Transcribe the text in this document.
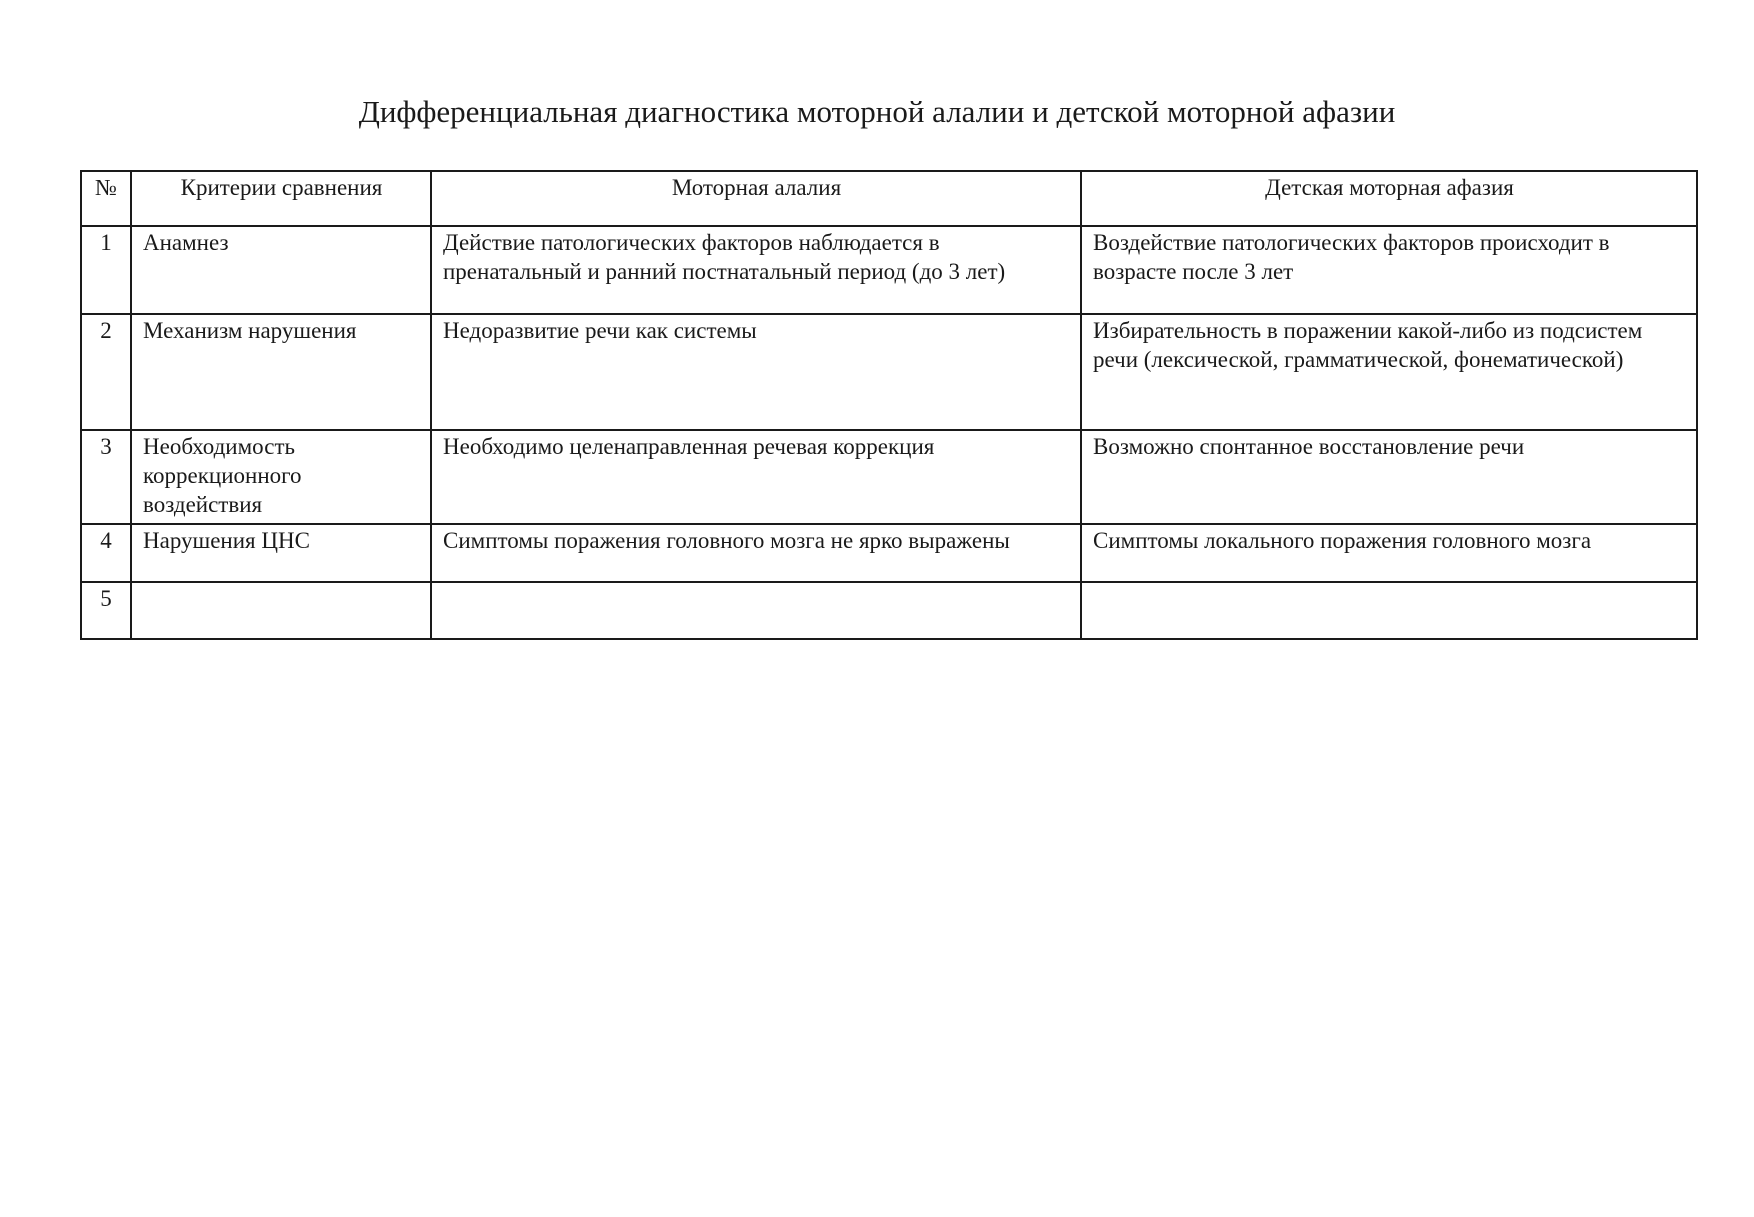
Дифференциальная диагностика моторной алалии и детской моторной афазии
№	Критерии сравнения	Моторная алалия	Детская моторная афазия
1	Анамнез	Действие патологических факторов наблюдается в пренатальный и ранний постнатальный период (до 3 лет)	Воздействие патологических факторов происходит в возрасте после 3 лет
2	Механизм нарушения	Недоразвитие речи как системы	Избирательность в поражении какой-либо из подсистем речи (лексической, грамматической, фонематической)
3	Необходимость коррекционного воздействия	Необходимо целенаправленная речевая коррекция	Возможно спонтанное восстановление речи
4	Нарушения ЦНС	Симптомы поражения головного мозга не ярко выражены	Симптомы локального поражения головного мозга
5			
